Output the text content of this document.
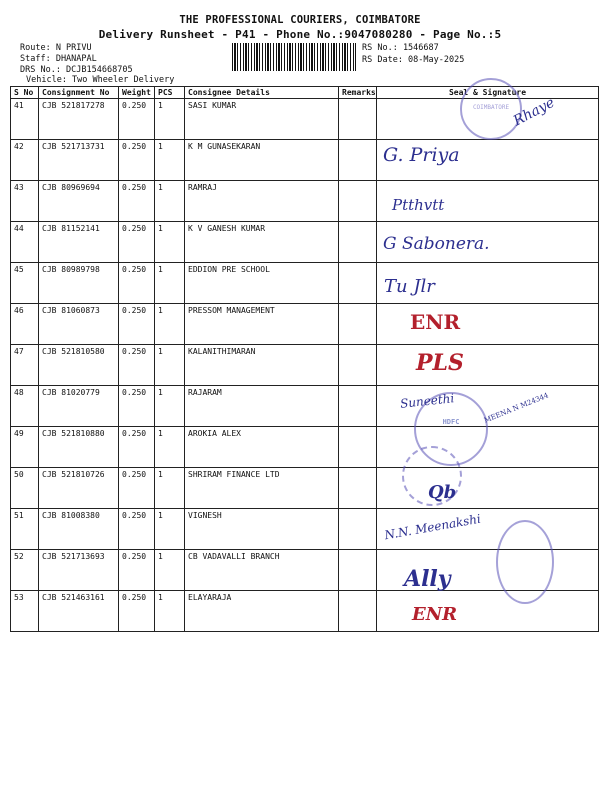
THE PROFESSIONAL COURIERS, COIMBATORE
Delivery Runsheet - P41 - Phone No.:9047080280 - Page No.:5
Route: N PRIVU
Staff: DHANAPAL
DRS No.: DCJB154668705
Vehicle: Two Wheeler Delivery
RS No.: 1546687
RS Date: 08-May-2025
S No	Consignment No	Weight	PCS	Consignee Details	Remarks	Seal & Signature
41	CJB 521817278	0.250	1	SASI KUMAR		
42	CJB 521713731	0.250	1	K M GUNASEKARAN		
43	CJB 80969694	0.250	1	RAMRAJ		
44	CJB 81152141	0.250	1	K V GANESH KUMAR		
45	CJB 80989798	0.250	1	EDDION PRE SCHOOL		
46	CJB 81060873	0.250	1	PRESSOM MANAGEMENT		
47	CJB 521810580	0.250	1	KALANITHIMARAN		
48	CJB 81020779	0.250	1	RAJARAM		
49	CJB 521810880	0.250	1	AROKIA ALEX		
50	CJB 521810726	0.250	1	SHRIRAM FINANCE LTD		
51	CJB 81008380	0.250	1	VIGNESH		
52	CJB 521713693	0.250	1	CB VADAVALLI BRANCH		
53	CJB 521463161	0.250	1	ELAYARAJA		
COIMBATORE
HDFC	MEENA N M24344
Rhaye
G. Priya
Ptthvtt
G Sabonera.
Tu Jlr
ENR
PLS
Suneethi
Qb
N.N. Meenakshi
Ally
ENR
